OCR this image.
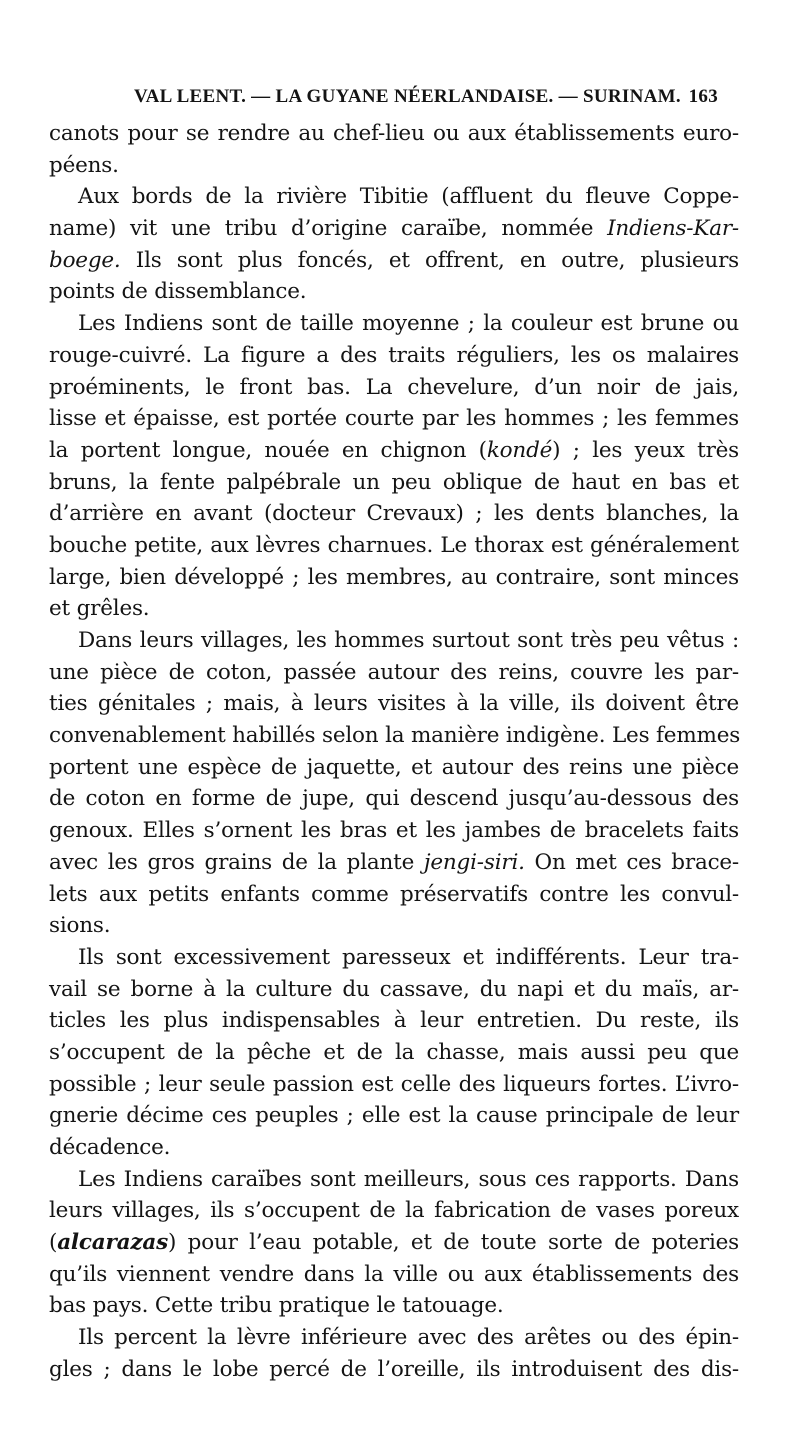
VAL LEENT. — LA GUYANE NÉERLANDAISE. — SURINAM. 163
canots pour se rendre au chef-lieu ou aux établissements euro-
péens.
Aux bords de la rivière Tibitie (affluent du fleuve Coppe-
name) vit une tribu d’origine caraïbe, nommée Indiens-Kar-
boege. Ils sont plus foncés, et offrent, en outre, plusieurs
points de dissemblance.
Les Indiens sont de taille moyenne ; la couleur est brune ou
rouge-cuivré. La figure a des traits réguliers, les os malaires
proéminents, le front bas. La chevelure, d’un noir de jais,
lisse et épaisse, est portée courte par les hommes ; les femmes
la portent longue, nouée en chignon (kondé) ; les yeux très
bruns, la fente palpébrale un peu oblique de haut en bas et
d’arrière en avant (docteur Crevaux) ; les dents blanches, la
bouche petite, aux lèvres charnues. Le thorax est généralement
large, bien développé ; les membres, au contraire, sont minces
et grêles.
Dans leurs villages, les hommes surtout sont très peu vêtus :
une pièce de coton, passée autour des reins, couvre les par-
ties génitales ; mais, à leurs visites à la ville, ils doivent être
convenablement habillés selon la manière indigène. Les femmes
portent une espèce de jaquette, et autour des reins une pièce
de coton en forme de jupe, qui descend jusqu’au-dessous des
genoux. Elles s’ornent les bras et les jambes de bracelets faits
avec les gros grains de la plante jengi-siri. On met ces brace-
lets aux petits enfants comme préservatifs contre les convul-
sions.
Ils sont excessivement paresseux et indifférents. Leur tra-
vail se borne à la culture du cassave, du napi et du maïs, ar-
ticles les plus indispensables à leur entretien. Du reste, ils
s’occupent de la pêche et de la chasse, mais aussi peu que
possible ; leur seule passion est celle des liqueurs fortes. L’ivro-
gnerie décime ces peuples ; elle est la cause principale de leur
décadence.
Les Indiens caraïbes sont meilleurs, sous ces rapports. Dans
leurs villages, ils s’occupent de la fabrication de vases poreux
(alcarazas) pour l’eau potable, et de toute sorte de poteries
qu’ils viennent vendre dans la ville ou aux établissements des
bas pays. Cette tribu pratique le tatouage.
Ils percent la lèvre inférieure avec des arêtes ou des épin-
gles ; dans le lobe percé de l’oreille, ils introduisent des dis-
